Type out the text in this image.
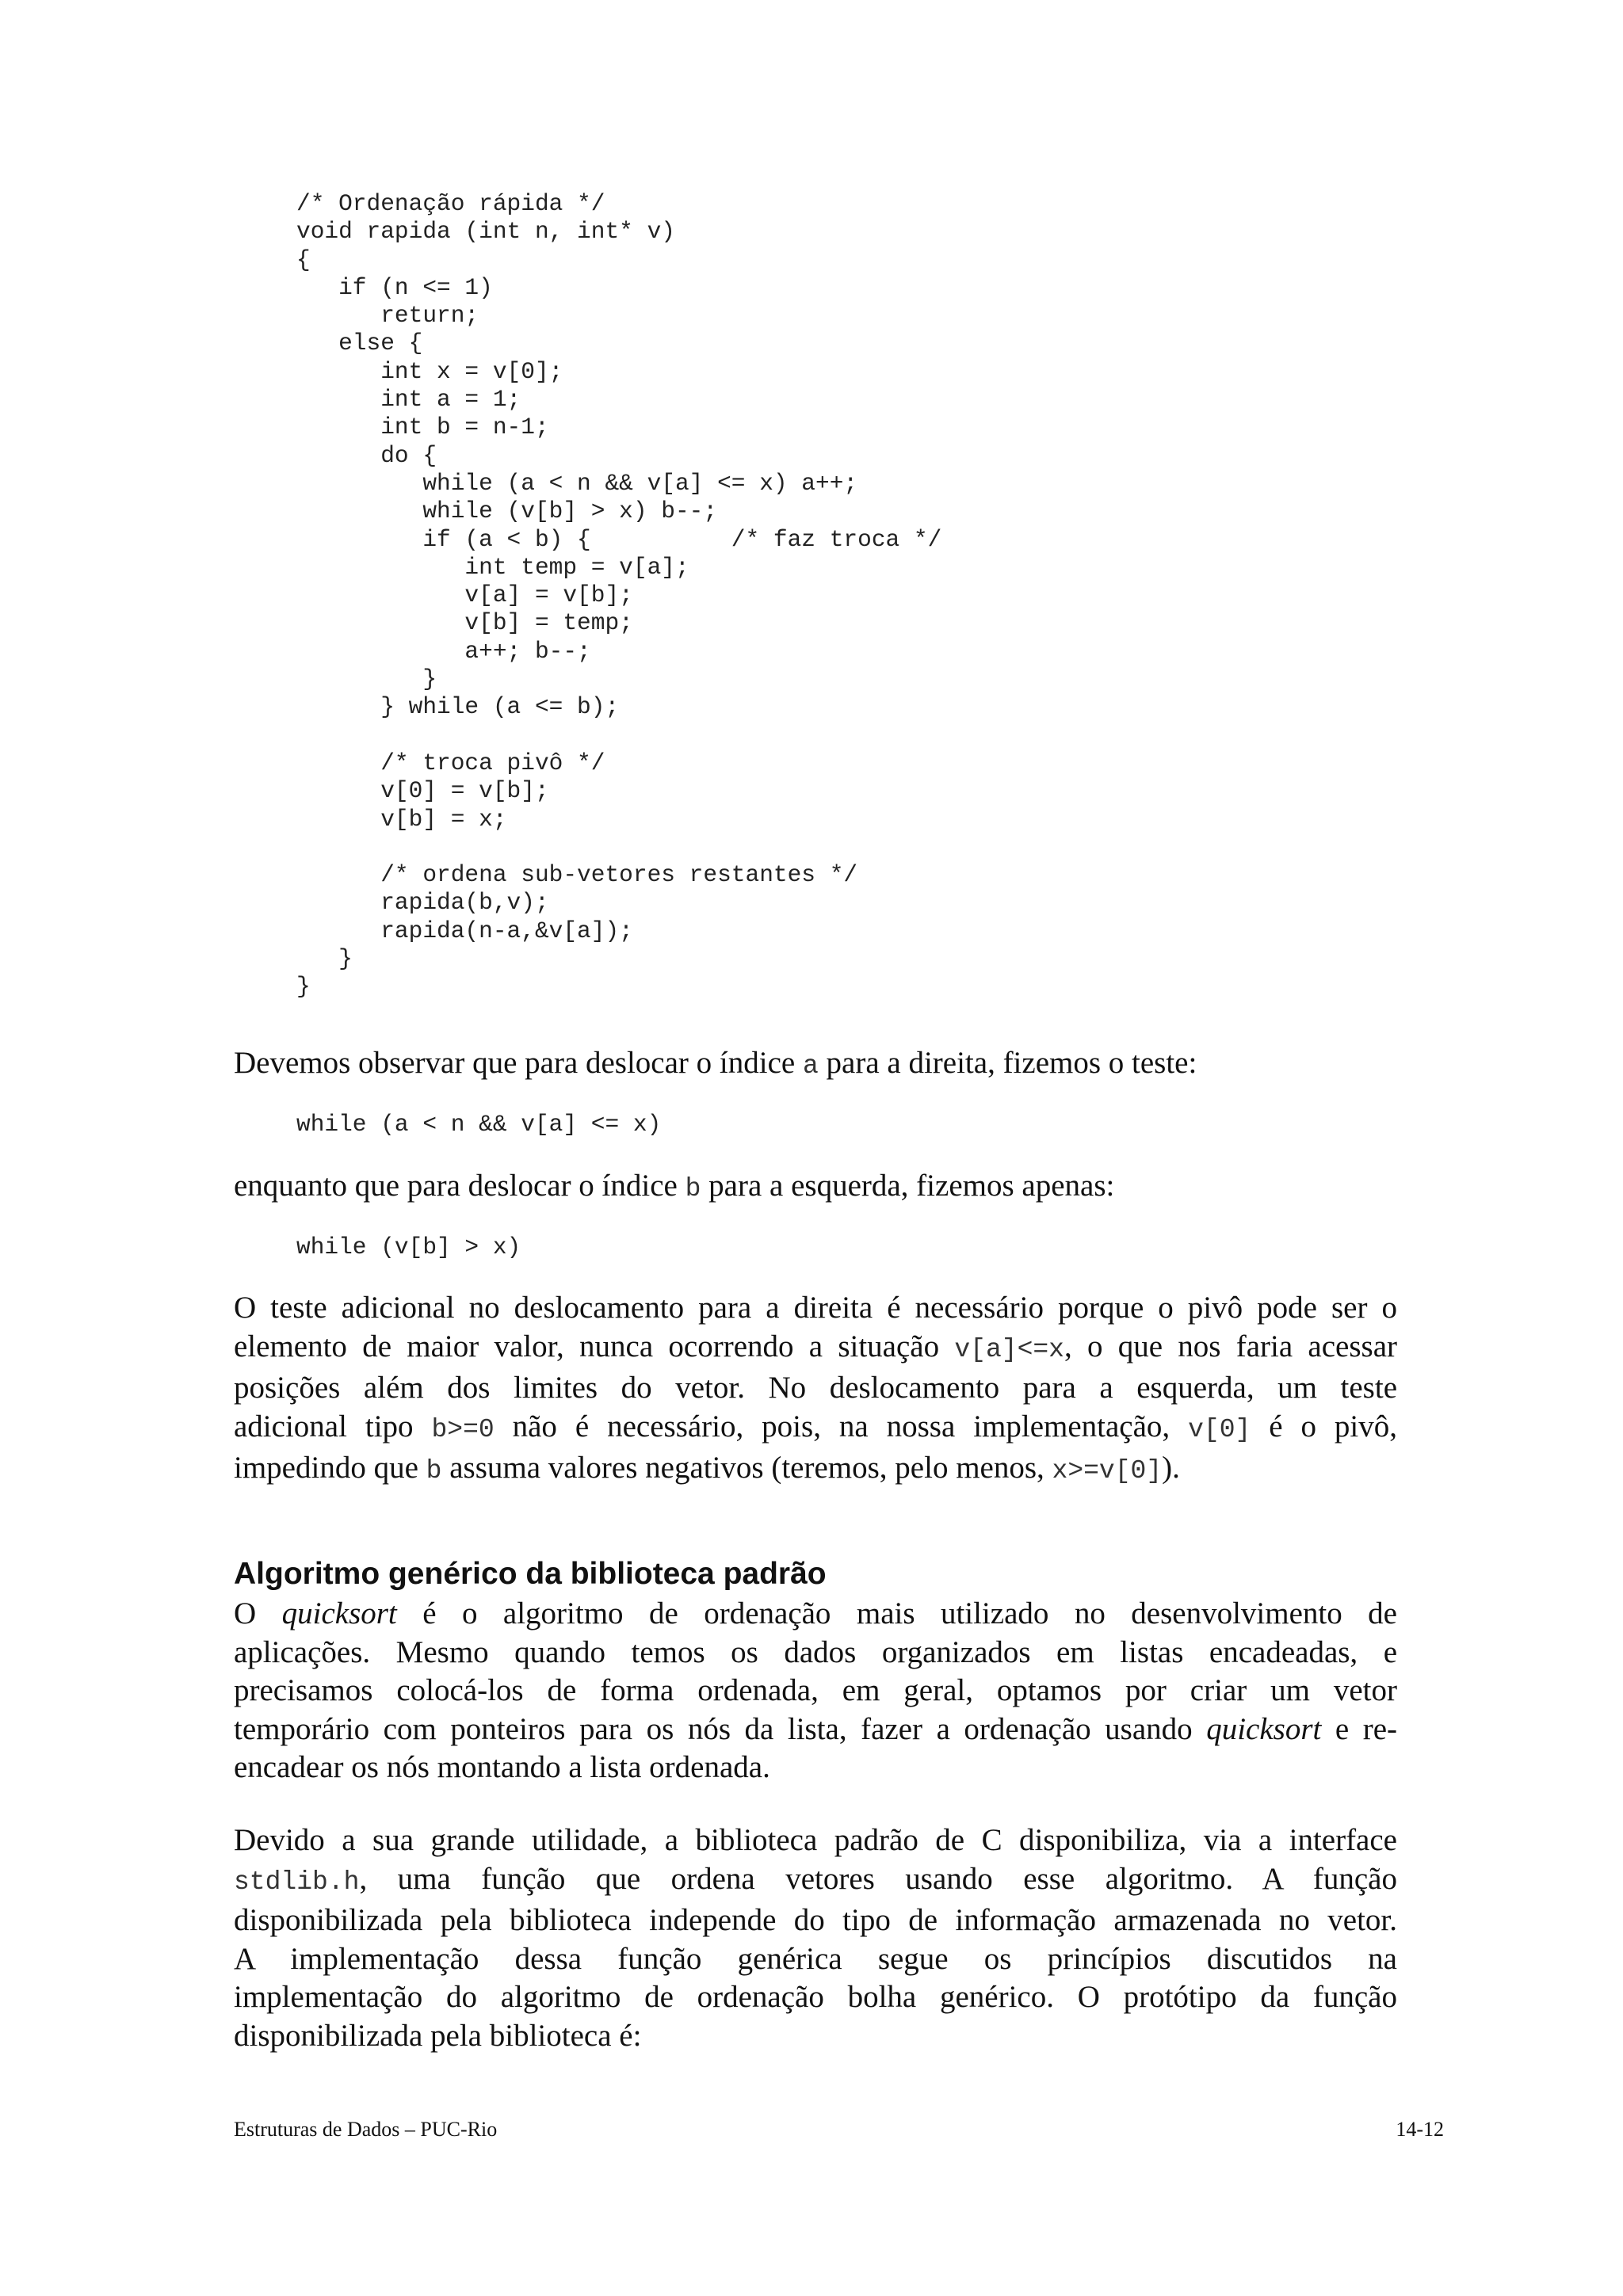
/* Ordenação rápida */
void rapida (int n, int* v)
{
if (n <= 1)
return;
else {
int x = v[0];
int a = 1;
int b = n-1;
do {
while (a < n && v[a] <= x) a++;
while (v[b] > x) b--;
if (a < b) {          /* faz troca */
int temp = v[a];
v[a] = v[b];
v[b] = temp;
a++; b--;
}
} while (a <= b);
/* troca pivô */
v[0] = v[b];
v[b] = x;
/* ordena sub-vetores restantes */
rapida(b,v);
rapida(n-a,&v[a]);
}
}

Devemos observar que para deslocar o índice a para a direita, fizemos o teste:

while (a < n && v[a] <= x)

enquanto que para deslocar o índice b para a esquerda, fizemos apenas:

while (v[b] > x)
O teste adicional no deslocamento para a direita é necessário porque o pivô pode ser o
elemento de maior valor, nunca ocorrendo a situação v[a]<=x, o que nos faria acessar
posições além dos limites do vetor. No deslocamento para a esquerda, um teste
adicional tipo b>=0 não é necessário, pois, na nossa implementação, v[0] é o pivô,
impedindo que b assuma valores negativos (teremos, pelo menos, x>=v[0]).
Algoritmo genérico da biblioteca padrão
O quicksort é o algoritmo de ordenação mais utilizado no desenvolvimento de
aplicações. Mesmo quando temos os dados organizados em listas encadeadas, e
precisamos colocá-los de forma ordenada, em geral, optamos por criar um vetor
temporário com ponteiros para os nós da lista, fazer a ordenação usando quicksort e re-
encadear os nós montando a lista ordenada.
Devido a sua grande utilidade, a biblioteca padrão de C disponibiliza, via a interface
stdlib.h, uma função que ordena vetores usando esse algoritmo. A função
disponibilizada pela biblioteca independe do tipo de informação armazenada no vetor.
A implementação dessa função genérica segue os princípios discutidos na
implementação do algoritmo de ordenação bolha genérico. O protótipo da função
disponibilizada pela biblioteca é:
Estruturas de Dados – PUC-Rio	14-12
